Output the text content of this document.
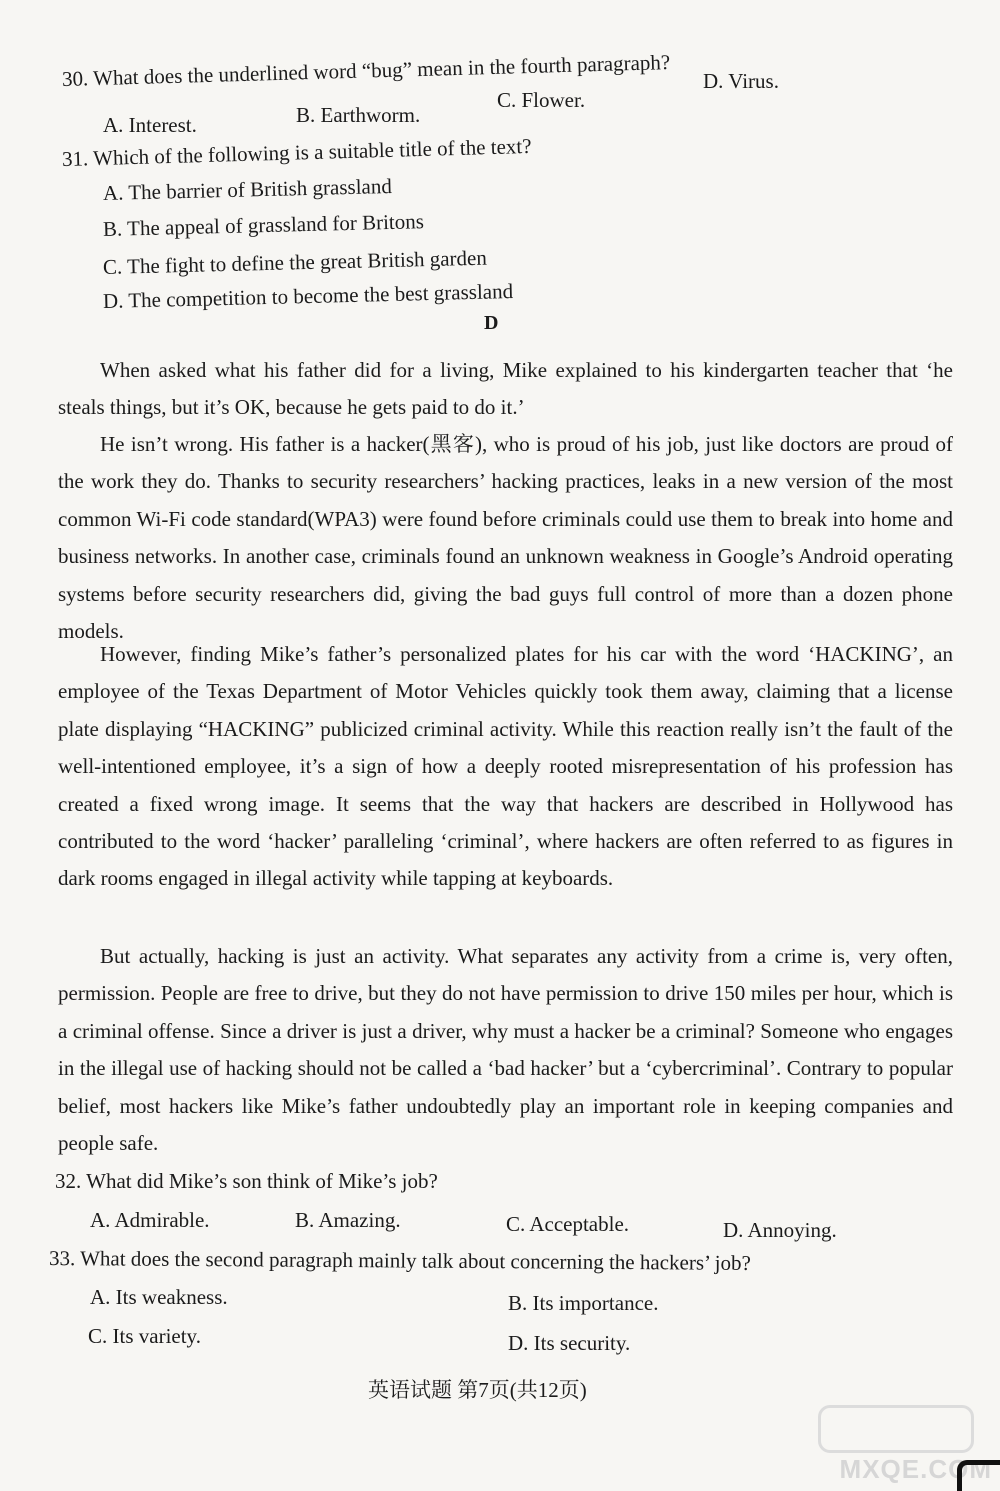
30. What does the underlined word “bug” mean in the fourth paragraph?
A. Interest.	B. Earthworm.
C. Flower.
D. Virus.
31. Which of the following is a suitable title of the text?
A. The barrier of British grassland
B. The appeal of grassland for Britons
C. The fight to define the great British garden
D. The competition to become the best grassland
D
When asked what his father did for a living, Mike explained to his kindergarten teacher that ‘he steals things, but it’s OK, because he gets paid to do it.’
He isn’t wrong. His father is a hacker(黑客), who is proud of his job, just like doctors are proud of the work they do. Thanks to security researchers’ hacking practices, leaks in a new version of the most common Wi-Fi code standard(WPA3) were found before criminals could use them to break into home and business networks. In another case, criminals found an unknown weakness in Google’s Android operating systems before security researchers did, giving the bad guys full control of more than a dozen phone models.
However, finding Mike’s father’s personalized plates for his car with the word ‘HACKING’, an employee of the Texas Department of Motor Vehicles quickly took them away, claiming that a license plate displaying “HACKING” publicized criminal activity. While this reaction really isn’t the fault of the well-intentioned employee, it’s a sign of how a deeply rooted misrepresentation of his profession has created a fixed wrong image. It seems that the way that hackers are described in Hollywood has contributed to the word ‘hacker’ paralleling ‘criminal’, where hackers are often referred to as figures in dark rooms engaged in illegal activity while tapping at keyboards.
But actually, hacking is just an activity. What separates any activity from a crime is, very often, permission. People are free to drive, but they do not have permission to drive 150 miles per hour, which is a criminal offense. Since a driver is just a driver, why must a hacker be a criminal? Someone who engages in the illegal use of hacking should not be called a ‘bad hacker’ but a ‘cybercriminal’. Contrary to popular belief, most hackers like Mike’s father undoubtedly play an important role in keeping companies and people safe.
32. What did Mike’s son think of Mike’s job?
A. Admirable.	B. Amazing.	C. Acceptable.	D. Annoying.
33. What does the second paragraph mainly talk about concerning the hackers’ job?
A. Its weakness.	B. Its importance.
C. Its variety.	D. Its security.
英语试题 第7页(共12页)
MXQE.COM
